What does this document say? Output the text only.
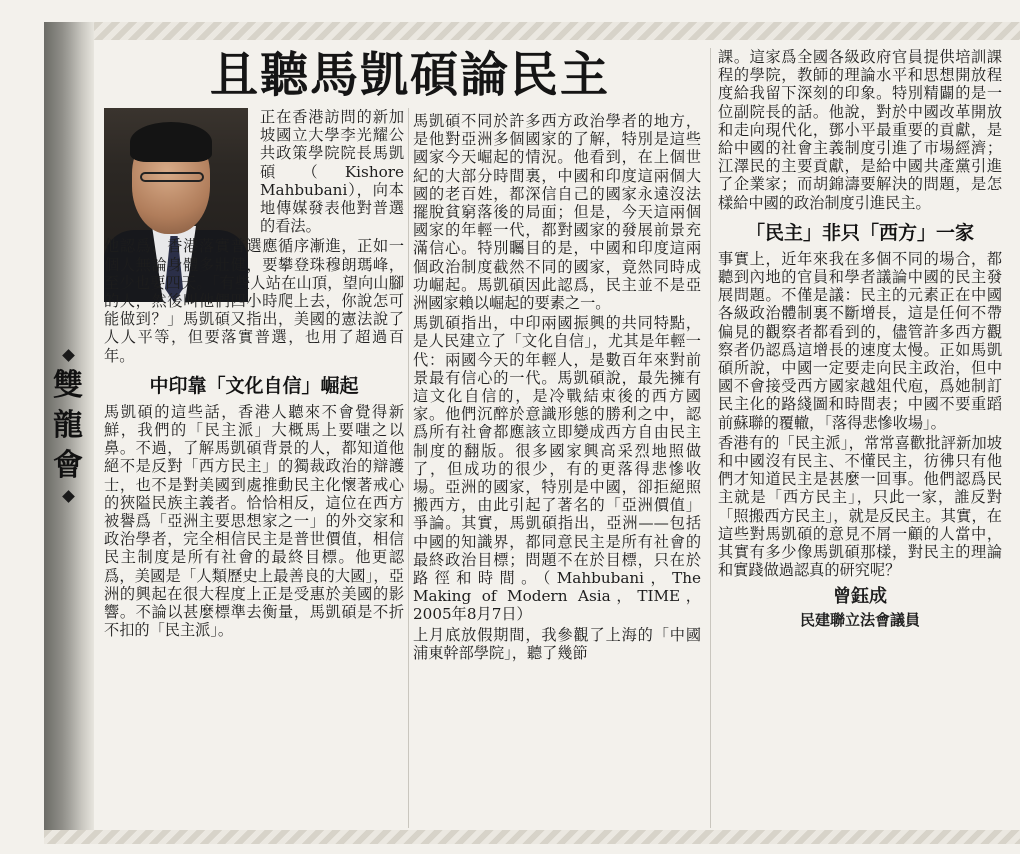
雙龍會
且聽馬凱碩論民主

正在香港訪問的新加坡國立大學李光耀公共政策學院院長馬凱碩（Kishore Mahbubani），向本地傳媒發表他對普選的看法。

他認爲，香港落實普選應循序漸進，正如一個人無論身體多壯健，要攀登珠穆朗瑪峰，至少也要四天。「有些人站在山頂，望向山腳的人，然後叫他們四小時爬上去，你說怎可能做到？」馬凱碩又指出，美國的憲法說了人人平等，但要落實普選，也用了超過百年。

中印靠「文化自信」崛起

馬凱碩的這些話，香港人聽來不會覺得新鮮，我們的「民主派」大概馬上要嗤之以鼻。不過，了解馬凱碩背景的人，都知道他絕不是反對「西方民主」的獨裁政治的辯護士，也不是對美國到處推動民主化懷著戒心的狹隘民族主義者。恰恰相反，這位在西方被譽爲「亞洲主要思想家之一」的外交家和政治學者，完全相信民主是普世價值，相信民主制度是所有社會的最終目標。他更認爲，美國是「人類歷史上最善良的大國」，亞洲的興起在很大程度上正是受惠於美國的影響。不論以甚麼標準去衡量，馬凱碩是不折不扣的「民主派」。

馬凱碩不同於許多西方政治學者的地方，是他對亞洲多個國家的了解，特別是這些國家今天崛起的情況。他看到，在上個世紀的大部分時間裏，中國和印度這兩個大國的老百姓，都深信自己的國家永遠沒法擺脫貧窮落後的局面；但是，今天這兩個國家的年輕一代，都對國家的發展前景充滿信心。特別矚目的是，中國和印度這兩個政治制度截然不同的國家，竟然同時成功崛起。馬凱碩因此認爲，民主並不是亞洲國家賴以崛起的要素之一。

馬凱碩指出，中印兩國振興的共同特點，是人民建立了「文化自信」，尤其是年輕一代：兩國今天的年輕人，是數百年來對前景最有信心的一代。馬凱碩說，最先擁有這文化自信的，是冷戰結束後的西方國家。他們沉醉於意識形態的勝利之中，認爲所有社會都應該立即變成西方自由民主制度的翻版。很多國家興高采烈地照做了，但成功的很少，有的更落得悲慘收場。亞洲的國家，特別是中國，卻拒絕照搬西方，由此引起了著名的「亞洲價值」爭論。其實，馬凱碩指出，亞洲——包括中國的知識界，都同意民主是所有社會的最終政治目標；問題不在於目標，只在於路徑和時間。（Mahbubani，The Making of Modern Asia，TIME，2005年8月7日）

上月底放假期間，我參觀了上海的「中國浦東幹部學院」，聽了幾節

課。這家爲全國各級政府官員提供培訓課程的學院，教師的理論水平和思想開放程度給我留下深刻的印象。特別精闢的是一位副院長的話。他說，對於中國改革開放和走向現代化，鄧小平最重要的貢獻，是給中國的社會主義制度引進了市場經濟；江澤民的主要貢獻，是給中國共產黨引進了企業家；而胡錦濤要解決的問題，是怎樣給中國的政治制度引進民主。

「民主」非只「西方」一家

事實上，近年來我在多個不同的場合，都聽到內地的官員和學者議論中國的民主發展問題。不僅是議：民主的元素正在中國各級政治體制裏不斷增長，這是任何不帶偏見的觀察者都看到的，儘管許多西方觀察者仍認爲這增長的速度太慢。正如馬凱碩所說，中國一定要走向民主政治，但中國不會接受西方國家越俎代庖，爲她制訂民主化的路綫圖和時間表；中國不要重蹈前蘇聯的覆轍，「落得悲慘收場」。

香港有的「民主派」，常常喜歡批評新加坡和中國沒有民主、不懂民主，彷彿只有他們才知道民主是甚麼一回事。他們認爲民主就是「西方民主」，只此一家，誰反對「照搬西方民主」，就是反民主。其實，在這些對馬凱碩的意見不屑一顧的人當中，其實有多少像馬凱碩那樣，對民主的理論和實踐做過認真的研究呢？

曾鈺成
民建聯立法會議員
